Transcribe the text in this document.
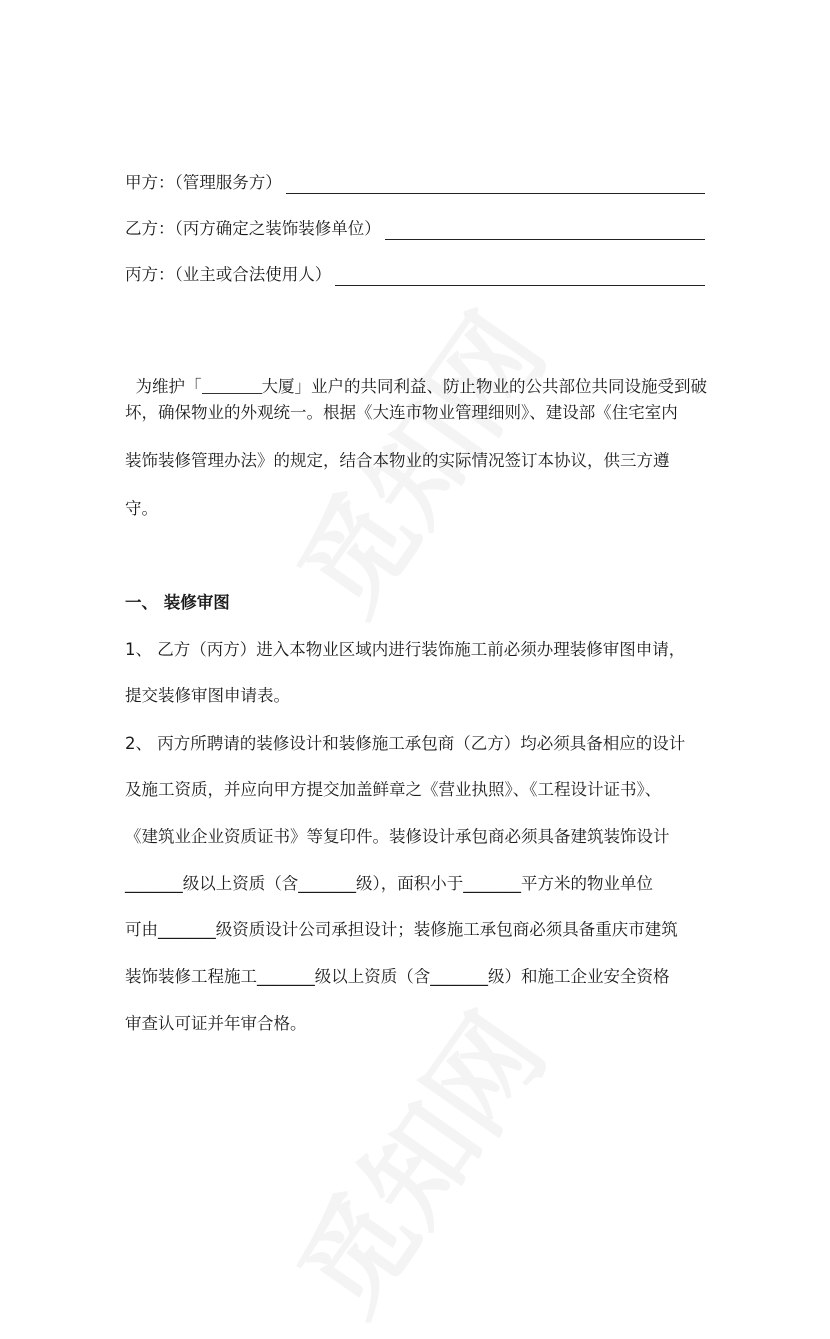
甲方：（管理服务方）
乙方：（丙方确定之装饰装修单位）
丙方：（业主或合法使用人）

为维护「	大厦」业户的共同利益、防止物业的公共部位共同设施受到破

坏，确保物业的外观统一。根据《大连市物业管理细则》、建设部《住宅室内
装饰装修管理办法》的规定，结合本物业的实际情况签订本协议，供三方遵
守。
一、 装修审图
1、 乙方（丙方）进入本物业区域内进行装饰施工前必须办理装修审图申请，
提交装修审图申请表。
2、 丙方所聘请的装修设计和装修施工承包商（乙方）均必须具备相应的设计
及施工资质，并应向甲方提交加盖鲜章之《营业执照》、《工程设计证书》、
《建筑业企业资质证书》等复印件。装修设计承包商必须具备建筑装饰设计
_______级以上资质（含_______级），面积小于_______平方米的物业单位
可由_______级资质设计公司承担设计；装修施工承包商必须具备重庆市建筑
装饰装修工程施工_______级以上资质（含_______级）和施工企业安全资格
审查认可证并年审合格。
